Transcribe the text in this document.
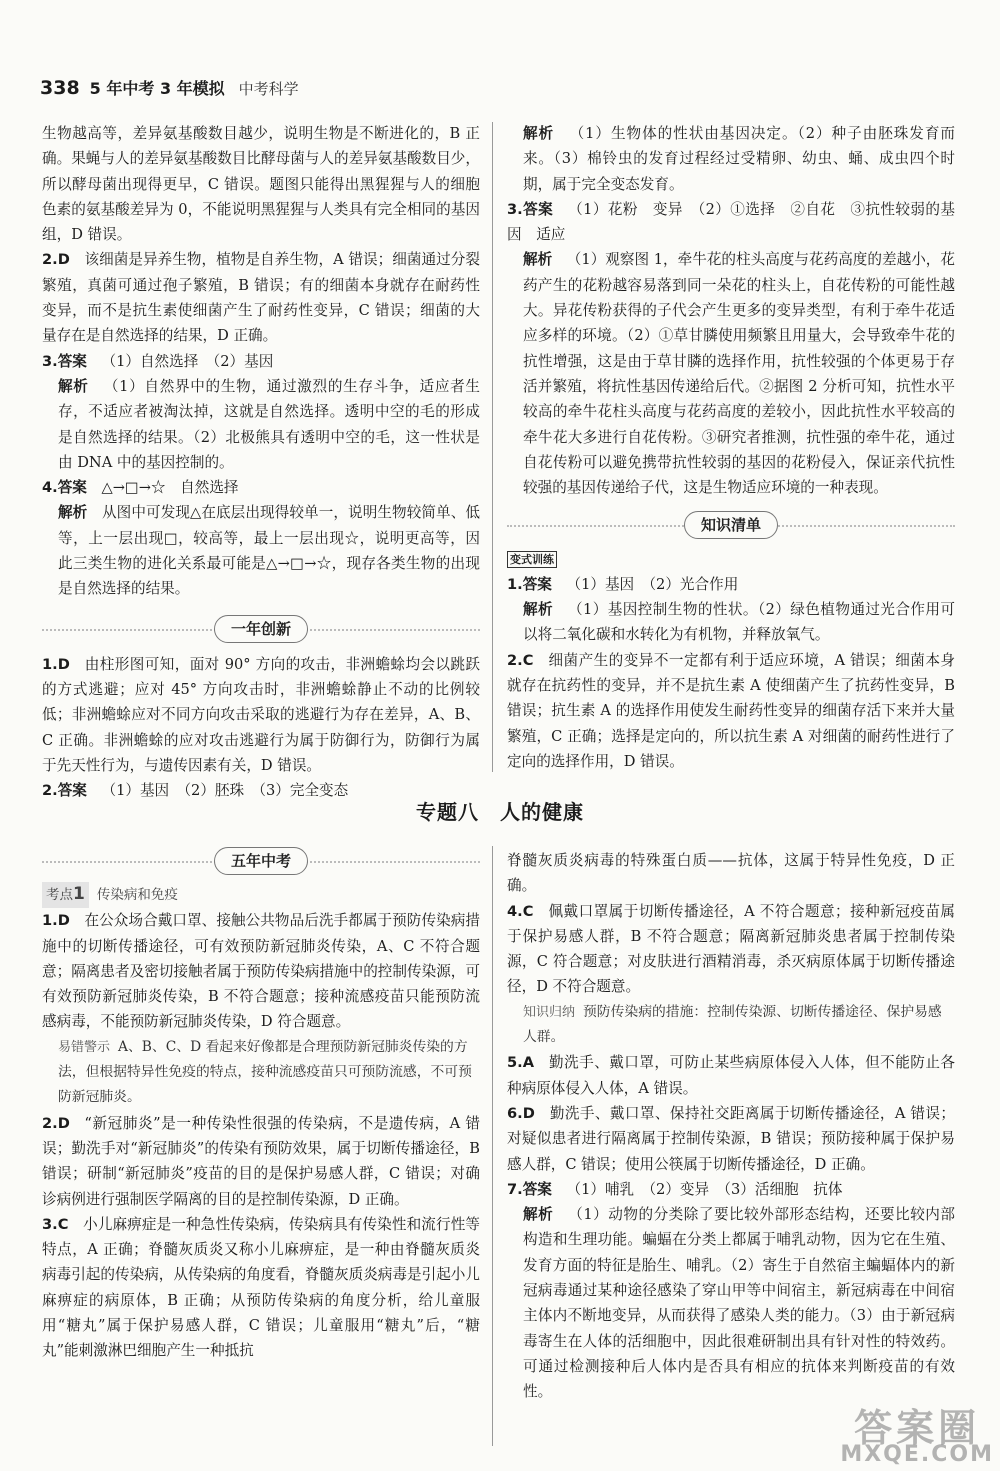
338 5 年中考 3 年模拟 中考科学

生物越高等，差异氨基酸数目越少，说明生物是不断进化的，B 正确。果蝇与人的差异氨基酸数目比酵母菌与人的差异氨基酸数目少，所以酵母菌出现得更早，C 错误。题图只能得出黑猩猩与人的细胞色素的氨基酸差异为 0，不能说明黑猩猩与人类具有完全相同的基因组，D 错误。

2.D  该细菌是异养生物，植物是自养生物，A 错误；细菌通过分裂繁殖，真菌可通过孢子繁殖，B 错误；有的细菌本身就存在耐药性变异，而不是抗生素使细菌产生了耐药性变异，C 错误；细菌的大量存在是自然选择的结果，D 正确。

3.答案  （1）自然选择　（2）基因

解析  （1）自然界中的生物，通过激烈的生存斗争，适应者生存，不适应者被淘汰掉，这就是自然选择。透明中空的毛的形成是自然选择的结果。（2）北极熊具有透明中空的毛，这一性状是由 DNA 中的基因控制的。

4.答案  △→□→☆　自然选择

解析  从图中可发现△在底层出现得较单一，说明生物较简单、低等，上一层出现□，较高等，最上一层出现☆，说明更高等，因此三类生物的进化关系最可能是△→□→☆，现存各类生物的出现是自然选择的结果。

一年创新

1.D  由柱形图可知，面对 90° 方向的攻击，非洲蟾蜍均会以跳跃的方式逃避；应对 45° 方向攻击时，非洲蟾蜍静止不动的比例较低；非洲蟾蜍应对不同方向攻击采取的逃避行为存在差异，A、B、C 正确。非洲蟾蜍的应对攻击逃避行为属于防御行为，防御行为属于先天性行为，与遗传因素有关，D 错误。

2.答案  （1）基因　（2）胚珠　（3）完全变态

解析  （1）生物体的性状由基因决定。（2）种子由胚珠发育而来。（3）棉铃虫的发育过程经过受精卵、幼虫、蛹、成虫四个时期，属于完全变态发育。

3.答案  （1）花粉　变异　（2）①选择　②自花　③抗性较弱的基因　适应

解析  （1）观察图 1，牵牛花的柱头高度与花药高度的差越小，花药产生的花粉越容易落到同一朵花的柱头上，自花传粉的可能性越大。异花传粉获得的子代会产生更多的变异类型，有利于牵牛花适应多样的环境。（2）①草甘膦使用频繁且用量大，会导致牵牛花的抗性增强，这是由于草甘膦的选择作用，抗性较强的个体更易于存活并繁殖，将抗性基因传递给后代。②据图 2 分析可知，抗性水平较高的牵牛花柱头高度与花药高度的差较小，因此抗性水平较高的牵牛花大多进行自花传粉。③研究者推测，抗性强的牵牛花，通过自花传粉可以避免携带抗性较弱的基因的花粉侵入，保证亲代抗性较强的基因传递给子代，这是生物适应环境的一种表现。

知识清单
变式训练

1.答案  （1）基因　（2）光合作用

解析  （1）基因控制生物的性状。（2）绿色植物通过光合作用可以将二氧化碳和水转化为有机物，并释放氧气。

2.C  细菌产生的变异不一定都有利于适应环境，A 错误；细菌本身就存在抗药性的变异，并不是抗生素 A 使细菌产生了抗药性变异，B 错误；抗生素 A 的选择作用使发生耐药性变异的细菌存活下来并大量繁殖，C 正确；选择是定向的，所以抗生素 A 对细菌的耐药性进行了定向的选择作用，D 错误。

专题八　人的健康
五年中考
考点1 传染病和免疫

1.D  在公众场合戴口罩、接触公共物品后洗手都属于预防传染病措施中的切断传播途径，可有效预防新冠肺炎传染，A、C 不符合题意；隔离患者及密切接触者属于预防传染病措施中的控制传染源，可有效预防新冠肺炎传染，B 不符合题意；接种流感疫苗只能预防流感病毒，不能预防新冠肺炎传染，D 符合题意。

易错警示 A、B、C、D 看起来好像都是合理预防新冠肺炎传染的方法，但根据特异性免疫的特点，接种流感疫苗只可预防流感，不可预防新冠肺炎。

2.D  “新冠肺炎”是一种传染性很强的传染病，不是遗传病，A 错误；勤洗手对“新冠肺炎”的传染有预防效果，属于切断传播途径，B 错误；研制“新冠肺炎”疫苗的目的是保护易感人群，C 错误；对确诊病例进行强制医学隔离的目的是控制传染源，D 正确。

3.C  小儿麻痹症是一种急性传染病，传染病具有传染性和流行性等特点，A 正确；脊髓灰质炎又称小儿麻痹症，是一种由脊髓灰质炎病毒引起的传染病，从传染病的角度看，脊髓灰质炎病毒是引起小儿麻痹症的病原体，B 正确；从预防传染病的角度分析，给儿童服用“糖丸”属于保护易感人群，C 错误；儿童服用“糖丸”后，“糖丸”能刺激淋巴细胞产生一种抵抗

脊髓灰质炎病毒的特殊蛋白质——抗体，这属于特异性免疫，D 正确。

4.C  佩戴口罩属于切断传播途径，A 不符合题意；接种新冠疫苗属于保护易感人群，B 不符合题意；隔离新冠肺炎患者属于控制传染源，C 符合题意；对皮肤进行酒精消毒，杀灭病原体属于切断传播途径，D 不符合题意。

知识归纳 预防传染病的措施：控制传染源、切断传播途径、保护易感人群。

5.A  勤洗手、戴口罩，可防止某些病原体侵入人体，但不能防止各种病原体侵入人体，A 错误。

6.D  勤洗手、戴口罩、保持社交距离属于切断传播途径，A 错误；对疑似患者进行隔离属于控制传染源，B 错误；预防接种属于保护易感人群，C 错误；使用公筷属于切断传播途径，D 正确。

7.答案  （1）哺乳　（2）变异　（3）活细胞　抗体

解析  （1）动物的分类除了要比较外部形态结构，还要比较内部构造和生理功能。蝙蝠在分类上都属于哺乳动物，因为它在生殖、发育方面的特征是胎生、哺乳。（2）寄生于自然宿主蝙蝠体内的新冠病毒通过某种途径感染了穿山甲等中间宿主，新冠病毒在中间宿主体内不断地变异，从而获得了感染人类的能力。（3）由于新冠病毒寄生在人体的活细胞中，因此很难研制出具有针对性的特效药。可通过检测接种后人体内是否具有相应的抗体来判断疫苗的有效性。

答案圈
MXQE.COM
